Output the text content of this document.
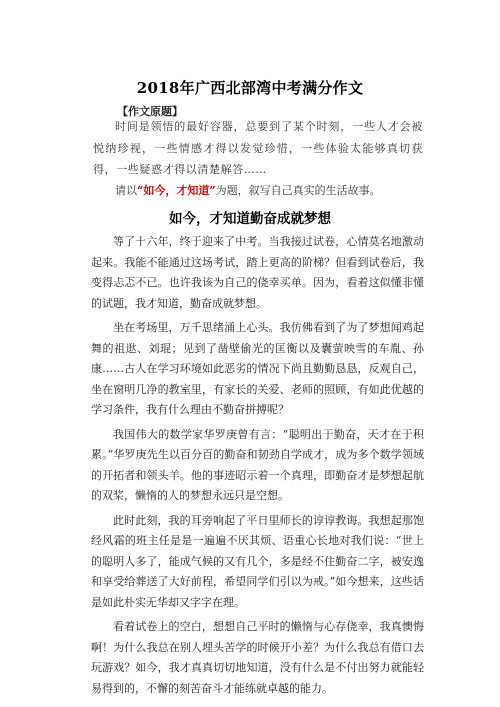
2018年广西北部湾中考满分作文
【作文原题】
时间是领悟的最好容器，总要到了某个时刻，一些人才会被悦纳珍视，一些情感才得以发觉珍惜，一些体验太能够真切获得，一些疑惑才得以清楚解答……
请以“如今，才知道”为题，叙写自己真实的生活故事。
如今，才知道勤奋成就梦想

等了十六年，终于迎来了中考。当我接过试卷，心情莫名地激动起来。我能不能通过这场考试，踏上更高的阶梯？但看到试卷后，我变得忐忑不已。也许我该为自己的侥幸买单。因为，看着这似懂非懂的试题，我才知道，勤奋成就梦想。

坐在考场里，万千思绪涌上心头。我仿佛看到了为了梦想闻鸡起舞的祖逖、刘琨；见到了凿壁偷光的匡衡以及囊萤映雪的车胤、孙康……古人在学习环境如此恶劣的情况下尚且勤勤恳恳，反观自己，坐在窗明几净的教室里，有家长的关爱、老师的照顾，有如此优越的学习条件，我有什么理由不勤奋拼搏呢？

我国伟大的数学家华罗庚曾有言：“聪明出于勤奋，天才在于积累。”华罗庚先生以百分百的勤奋和韧劲自学成才，成为多个数学领域的开拓者和领头羊。他的事迹昭示着一个真理，即勤奋才是梦想起航的双桨，懒惰的人的梦想永远只是空想。

此时此刻，我的耳旁响起了平日里师长的谆谆教诲。我想起那饱经风霜的班主任是是一遍遍不厌其烦、语重心长地对我们说：“世上的聪明人多了，能成气候的又有几个，多是经不住勤奋二字，被安逸和享受给葬送了大好前程，希望同学们引以为戒。”如今想来，这些话是如此朴实无华却又字字在理。

看着试卷上的空白，想想自己平时的懒惰与心存侥幸，我真懊悔啊！为什么我总在别人埋头苦学的时候开小差？为什么我总有借口去玩游戏？如今，我才真真切切地知道，没有什么是不付出努力就能轻易得到的，不懈的刻苦奋斗才能练就卓越的能力。
